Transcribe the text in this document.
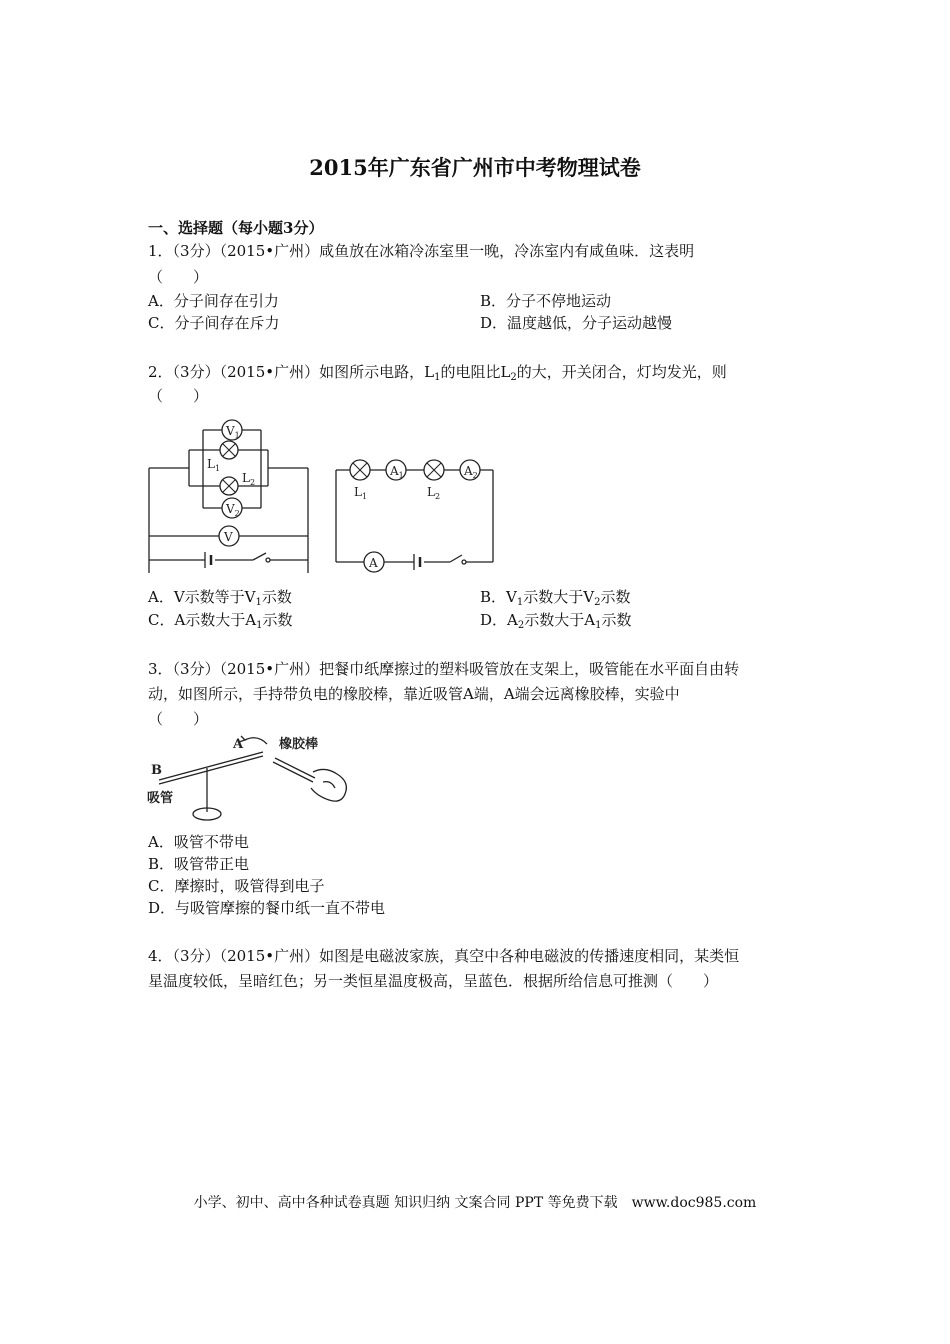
2015年广东省广州市中考物理试卷
一、选择题（每小题3分）
1．（3分）（2015•广州）咸鱼放在冰箱冷冻室里一晚，冷冻室内有咸鱼味．这表明
（　　）
A．分子间存在引力	B．分子不停地运动
C．分子间存在斥力	D．温度越低，分子运动越慢
2．（3分）（2015•广州）如图所示电路，$L_1$的电阻比$L_2$的大，开关闭合，灯均发光，则
（　　）
$V_1$
$V_2$
V
$L_1$
$L_2$
$A_1$	$A_2$
A
$L_1$	$L_2$
A．V示数等于$V_1$示数	B．$V_1$示数大于$V_2$示数
C．A示数大于$A_1$示数	D．$A_2$示数大于$A_1$示数
3．（3分）（2015•广州）把餐巾纸摩擦过的塑料吸管放在支架上，吸管能在水平面自由转
动，如图所示，手持带负电的橡胶棒，靠近吸管A端，A端会远离橡胶棒，实验中
（　　）
A
B
吸管
橡胶棒
A．吸管不带电
B．吸管带正电
C．摩擦时，吸管得到电子
D．与吸管摩擦的餐巾纸一直不带电
4．（3分）（2015•广州）如图是电磁波家族，真空中各种电磁波的传播速度相同，某类恒
星温度较低，呈暗红色；另一类恒星温度极高，呈蓝色．根据所给信息可推测（　　）
小学、初中、高中各种试卷真题 知识归纳 文案合同 PPT 等免费下载　www.doc985.com
